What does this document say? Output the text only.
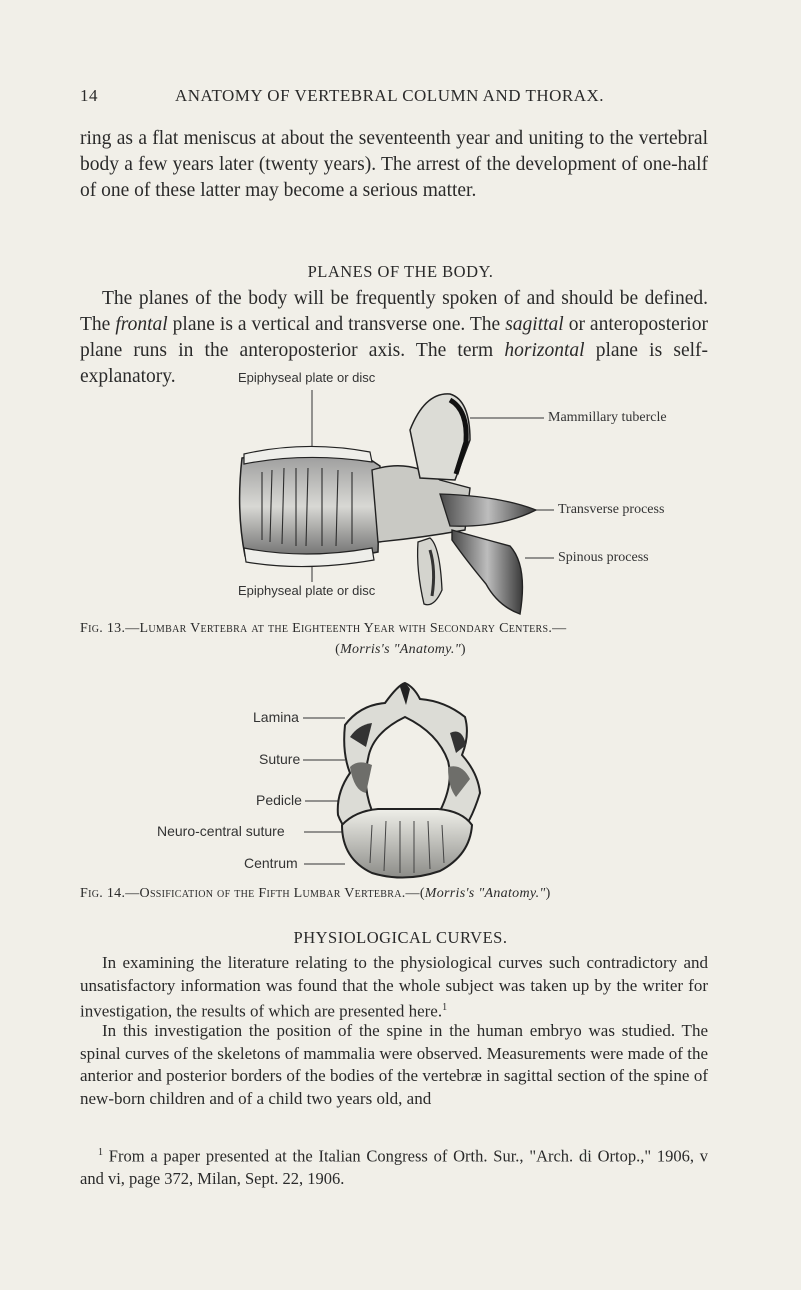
14	ANATOMY OF VERTEBRAL COLUMN AND THORAX.
ring as a flat meniscus at about the seventeenth year and uniting to the vertebral body a few years later (twenty years). The arrest of the development of one-half of one of these latter may become a serious matter.
PLANES OF THE BODY.
The planes of the body will be frequently spoken of and should be defined. The frontal plane is a vertical and transverse one. The sagittal or anteroposterior plane runs in the anteroposterior axis. The term horizontal plane is self-explanatory.	Epiphyseal plate or disc
Mammillary tubercle
Transverse process
Spinous process
Epiphyseal plate or disc
Fig. 13.—Lumbar Vertebra at the Eighteenth Year with Secondary Centers.—
(Morris's "Anatomy.")
Lamina
Suture
Pedicle
Neuro-central suture
Centrum
Fig. 14.—Ossification of the Fifth Lumbar Vertebra.—(Morris's "Anatomy.")
PHYSIOLOGICAL CURVES.
In examining the literature relating to the physiological curves such contradictory and unsatisfactory information was found that the whole subject was taken up by the writer for investigation, the results of which are presented here.$^1$
In this investigation the position of the spine in the human embryo was studied. The spinal curves of the skeletons of mammalia were observed. Measurements were made of the anterior and posterior borders of the bodies of the vertebræ in sagittal section of the spine of new-born children and of a child two years old, and
$^1$ From a paper presented at the Italian Congress of Orth. Sur., "Arch. di Ortop.," 1906, v and vi, page 372, Milan, Sept. 22, 1906.
